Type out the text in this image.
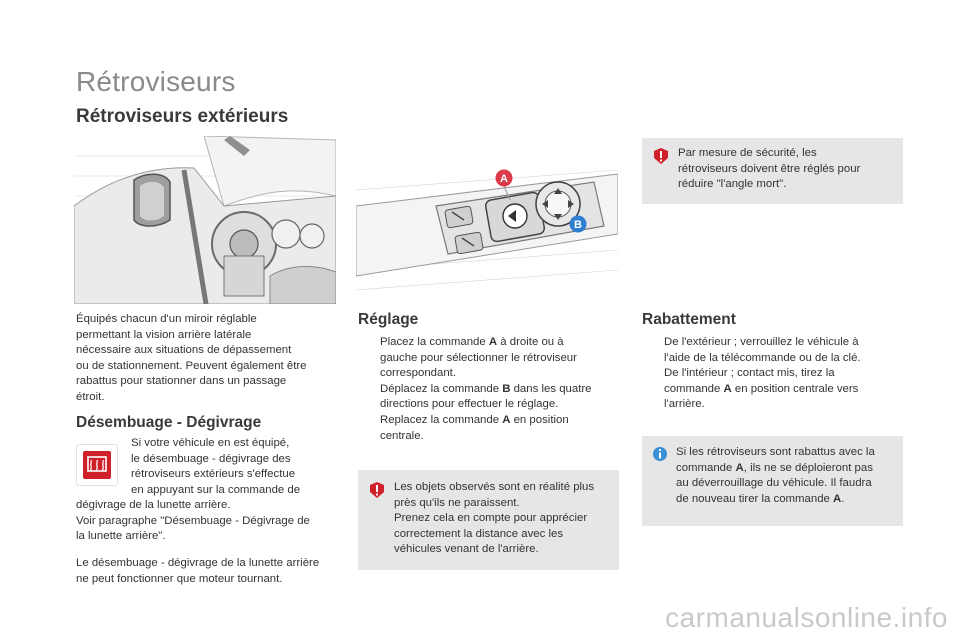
Rétroviseurs
Rétroviseurs extérieurs
A
B
Équipés chacun d'un miroir réglable
permettant la vision arrière latérale
nécessaire aux situations de dépassement
ou de stationnement. Peuvent également être
rabattus pour stationner dans un passage
étroit.
Désembuage - Dégivrage
Si votre véhicule en est équipé,
le désembuage - dégivrage des
rétroviseurs extérieurs s'effectue
en appuyant sur la commande de
dégivrage de la lunette arrière.
Voir paragraphe "Désembuage - Dégivrage de
la lunette arrière".
Le désembuage - dégivrage de la lunette arrière
ne peut fonctionner que moteur tournant.
Réglage
Placez la commande A à droite ou à
gauche pour sélectionner le rétroviseur
correspondant.
Déplacez la commande B dans les quatre
directions pour effectuer le réglage.
Replacez la commande A en position
centrale.
Les objets observés sont en réalité plus
près qu'ils ne paraissent.
Prenez cela en compte pour apprécier
correctement la distance avec les
véhicules venant de l'arrière.
Par mesure de sécurité, les
rétroviseurs doivent être réglés pour
réduire "l'angle mort".
Rabattement
De l'extérieur ; verrouillez le véhicule à
l'aide de la télécommande ou de la clé.
De l'intérieur ; contact mis, tirez la
commande A en position centrale vers
l'arrière.
Si les rétroviseurs sont rabattus avec la
commande A, ils ne se déploieront pas
au déverrouillage du véhicule. Il faudra
de nouveau tirer la commande A.
carmanualsonline.info
